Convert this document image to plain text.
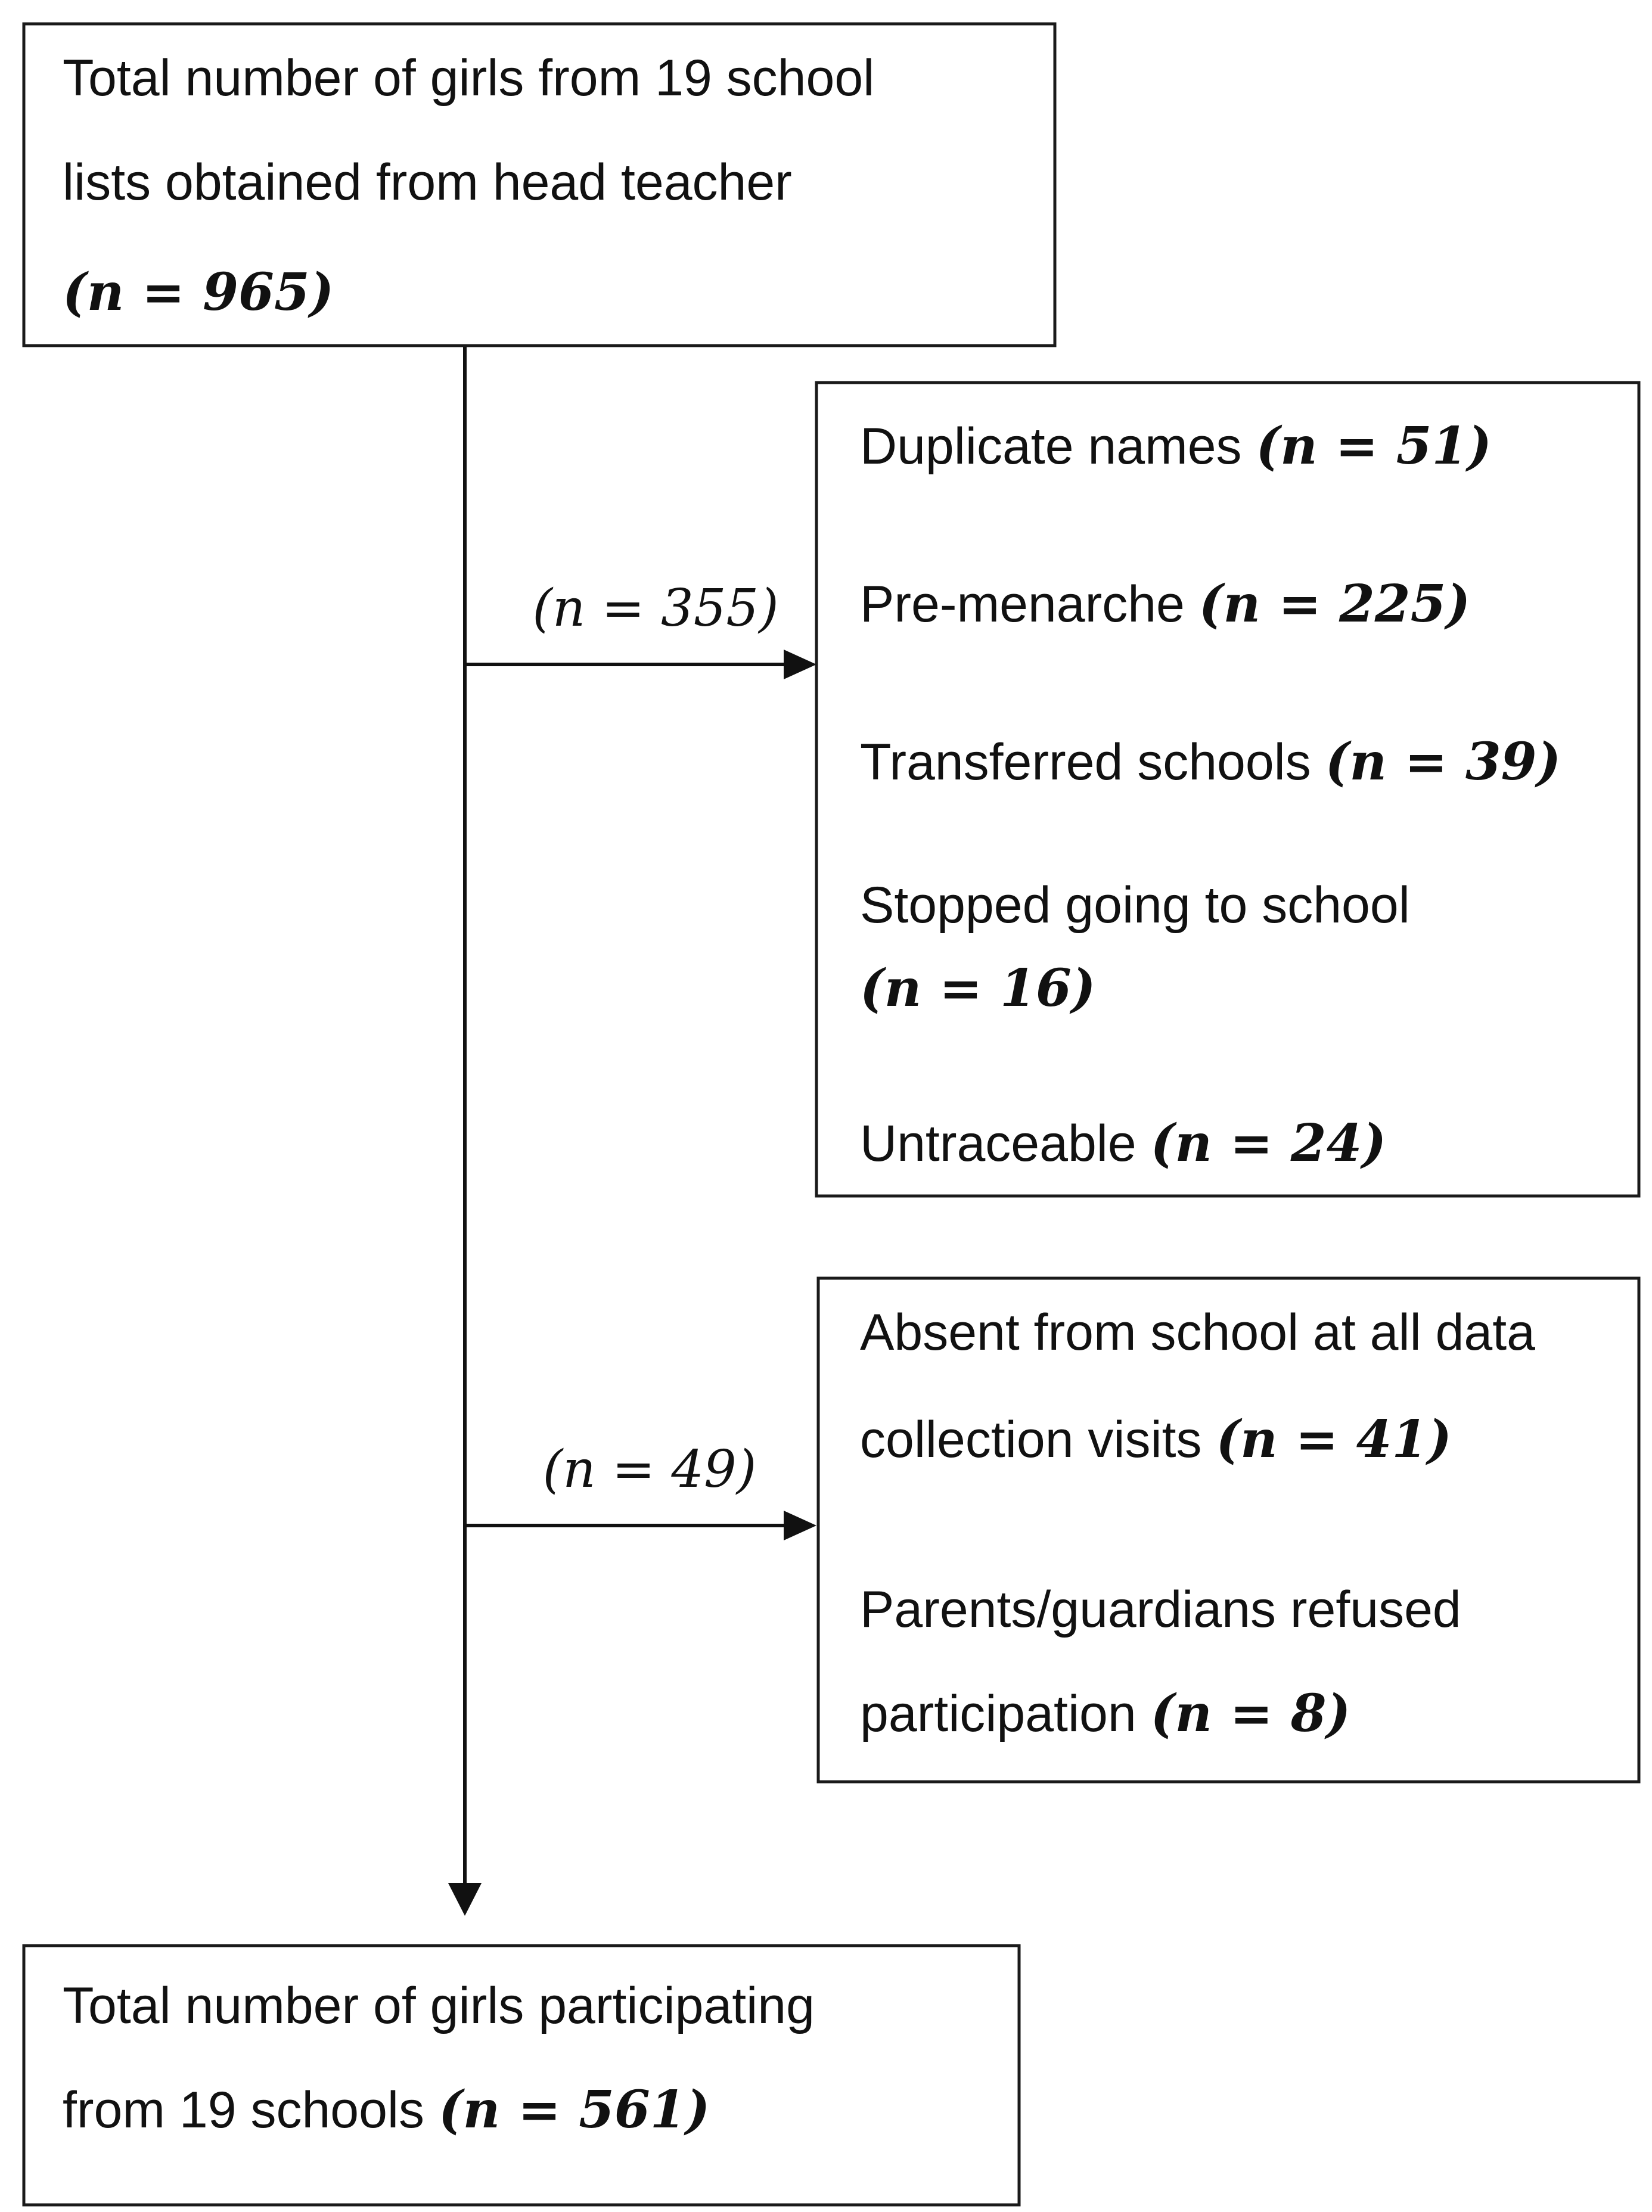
(n = 355)
(n = 49)
Total number of girls from 19 school
lists obtained from head teacher
(n = 965)
Duplicate names (n = 51)
Pre-menarche (n = 225)
Transferred schools (n = 39)
Stopped going to school
(n = 16)
Untraceable (n = 24)
Absent from school at all data
collection visits (n = 41)
Parents/guardians refused
participation (n = 8)
Total number of girls participating
from 19 schools (n = 561)
